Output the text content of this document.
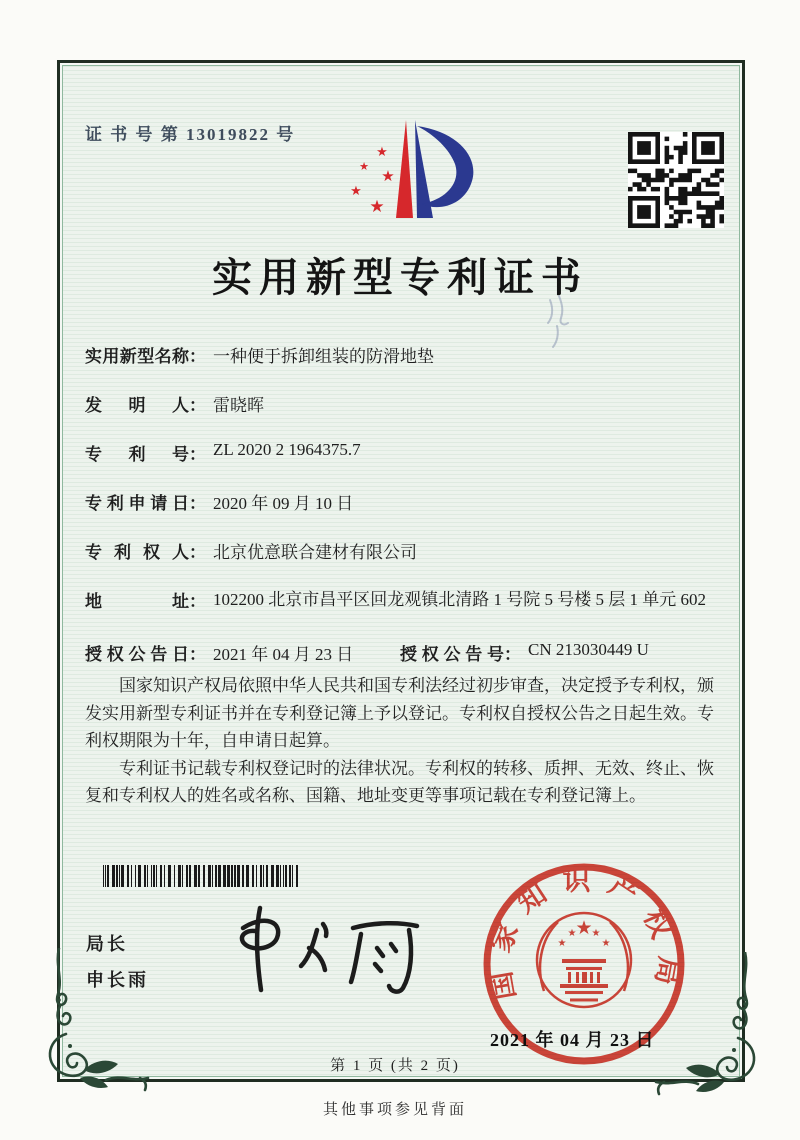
证 书 号 第 13019822 号
★
★
★
★
★
实用新型专利证书
实用新型名称： 一种便于拆卸组装的防滑地垫
发明人： 雷晓晖
专利号： ZL 2020 2 1964375.7
专利申请日： 2020 年 09 月 10 日
专利权人： 北京优意联合建材有限公司
地址： 102200 北京市昌平区回龙观镇北清路 1 号院 5 号楼 5 层 1 单元 602
授权公告日： 2021 年 04 月 23 日	授权公告号： CN 213030449 U

国家知识产权局依照中华人民共和国专利法经过初步审查，决定授予专利权，颁发实用新型专利证书并在专利登记簿上予以登记。专利权自授权公告之日起生效。专利权期限为十年，自申请日起算。

专利证书记载专利权登记时的法律状况。专利权的转移、质押、无效、终止、恢复和专利权人的姓名或名称、国籍、地址变更等事项记载在专利登记簿上。

局长
申长雨	国家知识产权局
★
★
★ ★
★
2021 年 04 月 23 日
第 1 页 (共 2 页)
其他事项参见背面
